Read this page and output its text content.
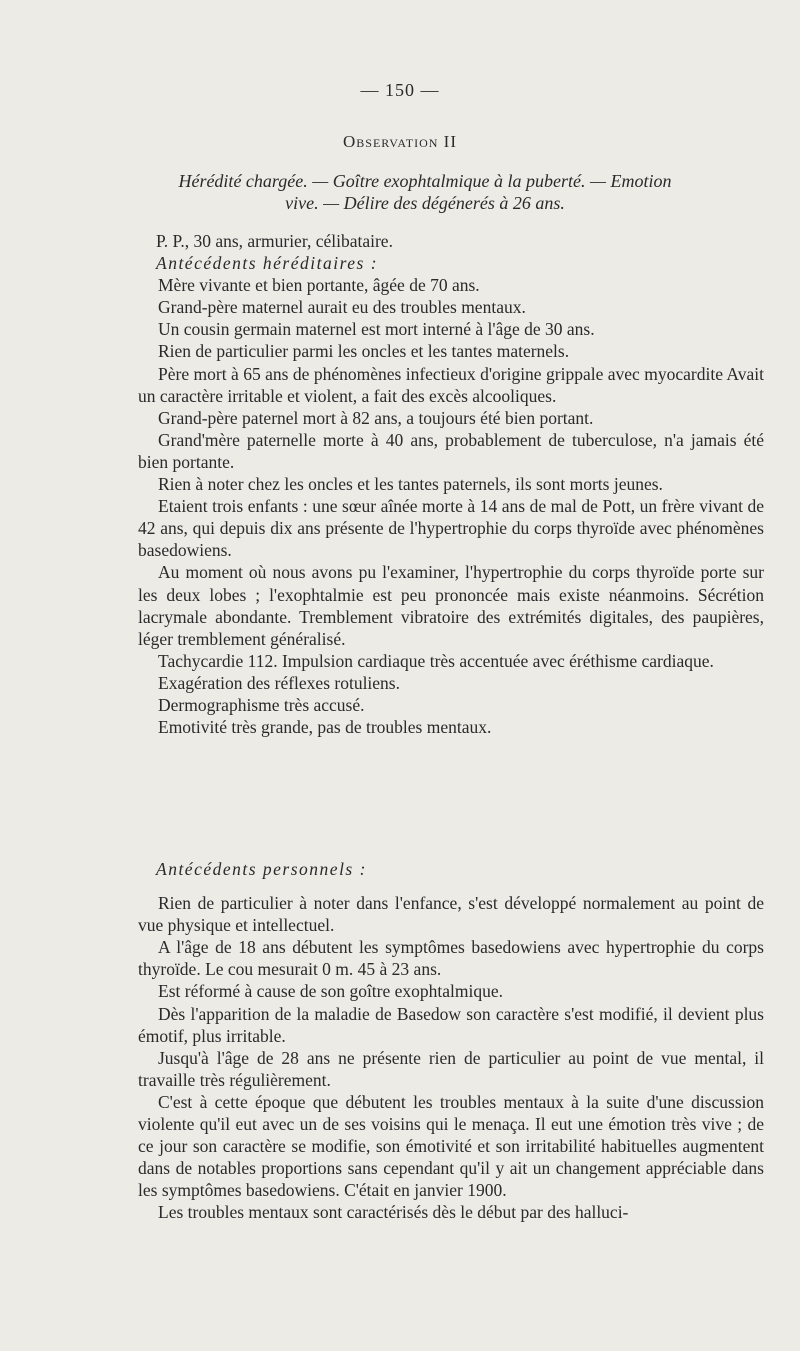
— 150 —
Observation II
Hérédité chargée. — Goître exophtalmique à la puberté. — Emotion vive. — Délire des dégénerés à 26 ans.

P. P., 30 ans, armurier, célibataire.

Antécédents héréditaires :

Mère vivante et bien portante, âgée de 70 ans.

Grand-père maternel aurait eu des troubles mentaux.

Un cousin germain maternel est mort interné à l'âge de 30 ans.

Rien de particulier parmi les oncles et les tantes maternels.

Père mort à 65 ans de phénomènes infectieux d'origine grippale avec myocardite Avait un caractère irritable et violent, a fait des excès alcooliques.

Grand-père paternel mort à 82 ans, a toujours été bien portant.

Grand'mère paternelle morte à 40 ans, probablement de tuberculose, n'a jamais été bien portante.

Rien à noter chez les oncles et les tantes paternels, ils sont morts jeunes.

Etaient trois enfants : une sœur aînée morte à 14 ans de mal de Pott, un frère vivant de 42 ans, qui depuis dix ans présente de l'hypertrophie du corps thyroïde avec phénomènes basedowiens.

Au moment où nous avons pu l'examiner, l'hypertrophie du corps thyroïde porte sur les deux lobes ; l'exophtalmie est peu prononcée mais existe néanmoins. Sécrétion lacrymale abondante. Tremblement vibratoire des extrémités digitales, des paupières, léger tremblement généralisé.

Tachycardie 112. Impulsion cardiaque très accentuée avec éréthisme cardiaque.

Exagération des réflexes rotuliens.

Dermographisme très accusé.

Emotivité très grande, pas de troubles mentaux.

Antécédents personnels :

Rien de particulier à noter dans l'enfance, s'est développé normalement au point de vue physique et intellectuel.

A l'âge de 18 ans débutent les symptômes basedowiens avec hypertrophie du corps thyroïde. Le cou mesurait 0 m. 45 à 23 ans.

Est réformé à cause de son goître exophtalmique.

Dès l'apparition de la maladie de Basedow son caractère s'est modifié, il devient plus émotif, plus irritable.

Jusqu'à l'âge de 28 ans ne présente rien de particulier au point de vue mental, il travaille très régulièrement.

C'est à cette époque que débutent les troubles mentaux à la suite d'une discussion violente qu'il eut avec un de ses voisins qui le menaça. Il eut une émotion très vive ; de ce jour son caractère se modifie, son émotivité et son irritabilité habituelles augmentent dans de notables proportions sans cependant qu'il y ait un changement appréciable dans les symptômes basedowiens. C'était en janvier 1900.

Les troubles mentaux sont caractérisés dès le début par des halluci-
